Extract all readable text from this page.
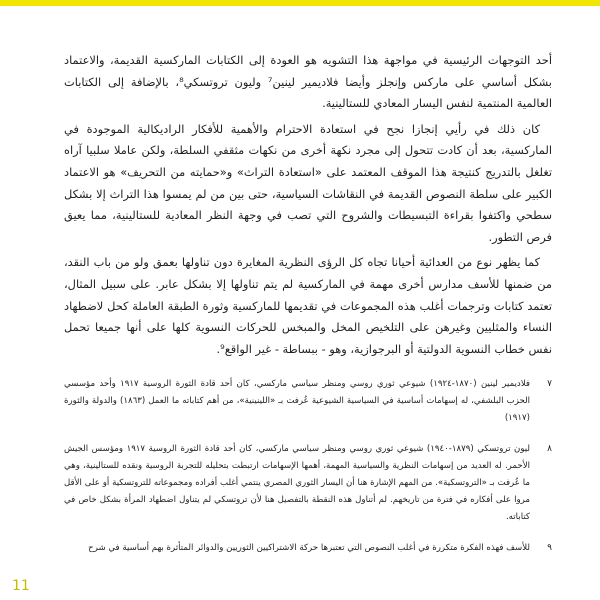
أحد التوجهات الرئيسية في مواجهة هذا التشويه هو العودة إلى الكتابات الماركسية القديمة، والاعتماد بشكل أساسي على ماركس وإنجلز وأيضا فلاديمير لينين⁷ وليون تروتسكي⁸، بالإضافة إلى الكتابات العالمية المنتمية لنفس اليسار المعادي للستالينية.

كان ذلك في رأيي إنجازا نجح في استعادة الاحترام والأهمية للأفكار الراديكالية الموجودة في الماركسية، بعد أن كادت تتحول إلى مجرد نكهة أخرى من نكهات مثقفي السلطة، ولكن عاملا سلبيا آراه تغلغل بالتدريج كنتيجة هذا الموقف المعتمد على «استعادة التراث» و«حمايته من التحريف» هو الاعتماد الكبير على سلطة النصوص القديمة في النقاشات السياسية، حتى بين من لم يمسوا هذا التراث إلا بشكل سطحي واكتفوا بقراءة التبسيطات والشروح التي تصب في وجهة النظر المعادية للستالينية، مما يعيق فرص التطور.

كما يظهر نوع من العدائية أحيانا تجاه كل الرؤى النظرية المغايرة دون تناولها بعمق ولو من باب النقد، من ضمنها للأسف مدارس أخرى مهمة في الماركسية لم يتم تناولها إلا بشكل عابر. على سبيل المثال، تعتمد كتابات وترجمات أغلب هذه المجموعات في تقديمها للماركسية وثورة الطبقة العاملة كحل لاضطهاد النساء والمثليين وغيرهن على التلخيص المخل والمبخس للحركات النسوية كلها على أنها جميعا تحمل نفس خطاب النسوية الدولتية أو البرجوازية، وهو - ببساطة - غير الواقع⁹.

٧
فلاديمير لينين (١٨٧٠-١٩٢٤) شيوعي ثوري روسي ومنظر سياسي ماركسي، كان أحد قادة الثورة الروسية ١٩١٧ وأحد مؤسسي الحزب البلشفي، له إسهامات أساسية في السياسية الشيوعية عُرفت بـ «اللينينية»، من أهم كتاباته ما العمل (١٨٦٣) والدولة والثورة (١٩١٧)
٨
ليون تروتسكي (١٨٧٩-١٩٤٠) شيوعي ثوري روسي ومنظر سياسي ماركسي، كان أحد قادة الثورة الروسية ١٩١٧ ومؤسس الجيش الأحمر. له العديد من إسهامات النظرية والسياسية المهمة، أهمها الإسهامات ارتبطت بتحليله للتجربة الروسية ونقده للستالينية، وهي ما عُرفت بـ «التروتسكية». من المهم الإشارة هنا أن اليسار الثوري المصري ينتمي أغلب أفراده ومجموعاته للتروتسكية أو على الأقل مروا على أفكاره في فترة من تاريخهم. لم أتناول هذه النقطة بالتفصيل هنا لأن تروتسكي لم يتناول اضطهاد المرأة بشكل خاص في كتاباته.
٩
للأسف فهذه الفكرة متكررة في أغلب النصوص التي تعتبرها حركة الاشتراكيين الثوريين والدوائر المتأثرة بهم أساسية في شرح
11
